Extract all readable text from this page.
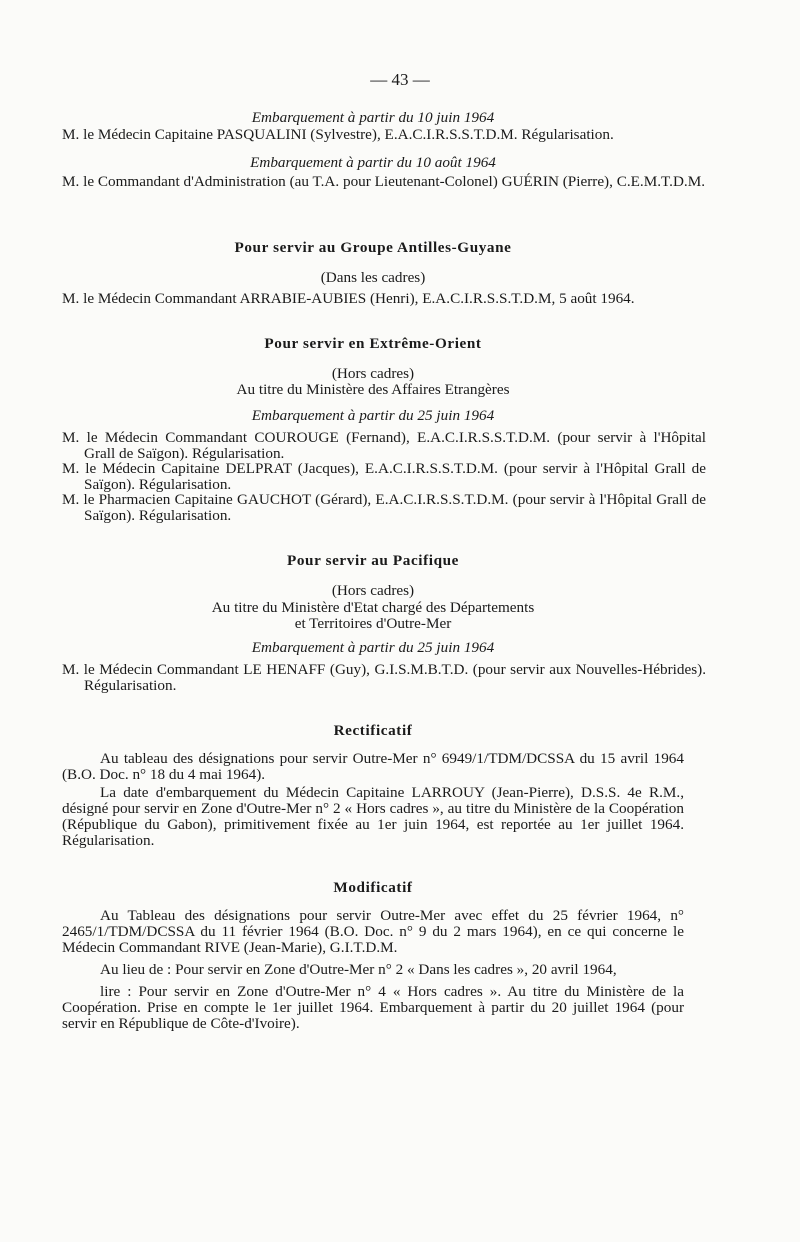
— 43 —
Embarquement à partir du 10 juin 1964

M. le Médecin Capitaine PASQUALINI (Sylvestre), E.A.C.I.R.S.S.T.D.M. Régularisation.

Embarquement à partir du 10 août 1964

M. le Commandant d'Administration (au T.A. pour Lieutenant-Colonel) GUÉRIN (Pierre), C.E.M.T.D.M.

Pour servir au Groupe Antilles-Guyane
(Dans les cadres)

M. le Médecin Commandant ARRABIE-AUBIES (Henri), E.A.C.I.R.S.S.T.D.M, 5 août 1964.

Pour servir en Extrême-Orient
(Hors cadres)
Au titre du Ministère des Affaires Etrangères
Embarquement à partir du 25 juin 1964

M. le Médecin Commandant COUROUGE (Fernand), E.A.C.I.R.S.S.T.D.M. (pour servir à l'Hôpital Grall de Saïgon). Régularisation.

M. le Médecin Capitaine DELPRAT (Jacques), E.A.C.I.R.S.S.T.D.M. (pour servir à l'Hôpital Grall de Saïgon). Régularisation.

M. le Pharmacien Capitaine GAUCHOT (Gérard), E.A.C.I.R.S.S.T.D.M. (pour servir à l'Hôpital Grall de Saïgon). Régularisation.

Pour servir au Pacifique
(Hors cadres)
Au titre du Ministère d'Etat chargé des Départements
et Territoires d'Outre-Mer
Embarquement à partir du 25 juin 1964

M. le Médecin Commandant LE HENAFF (Guy), G.I.S.M.B.T.D. (pour servir aux Nouvelles-Hébrides). Régularisation.

Rectificatif

Au tableau des désignations pour servir Outre-Mer n° 6949/1/TDM/DCSSA du 15 avril 1964 (B.O. Doc. n° 18 du 4 mai 1964).

La date d'embarquement du Médecin Capitaine LARROUY (Jean-Pierre), D.S.S. 4e R.M., désigné pour servir en Zone d'Outre-Mer n° 2 « Hors cadres », au titre du Ministère de la Coopération (République du Gabon), primitivement fixée au 1er juin 1964, est reportée au 1er juillet 1964. Régularisation.

Modificatif

Au Tableau des désignations pour servir Outre-Mer avec effet du 25 février 1964, n° 2465/1/TDM/DCSSA du 11 février 1964 (B.O. Doc. n° 9 du 2 mars 1964), en ce qui concerne le Médecin Commandant RIVE (Jean-Marie), G.I.T.D.M.

Au lieu de : Pour servir en Zone d'Outre-Mer n° 2 « Dans les cadres », 20 avril 1964,

lire : Pour servir en Zone d'Outre-Mer n° 4 « Hors cadres ». Au titre du Ministère de la Coopération. Prise en compte le 1er juillet 1964. Embarquement à partir du 20 juillet 1964 (pour servir en République de Côte-d'Ivoire).
